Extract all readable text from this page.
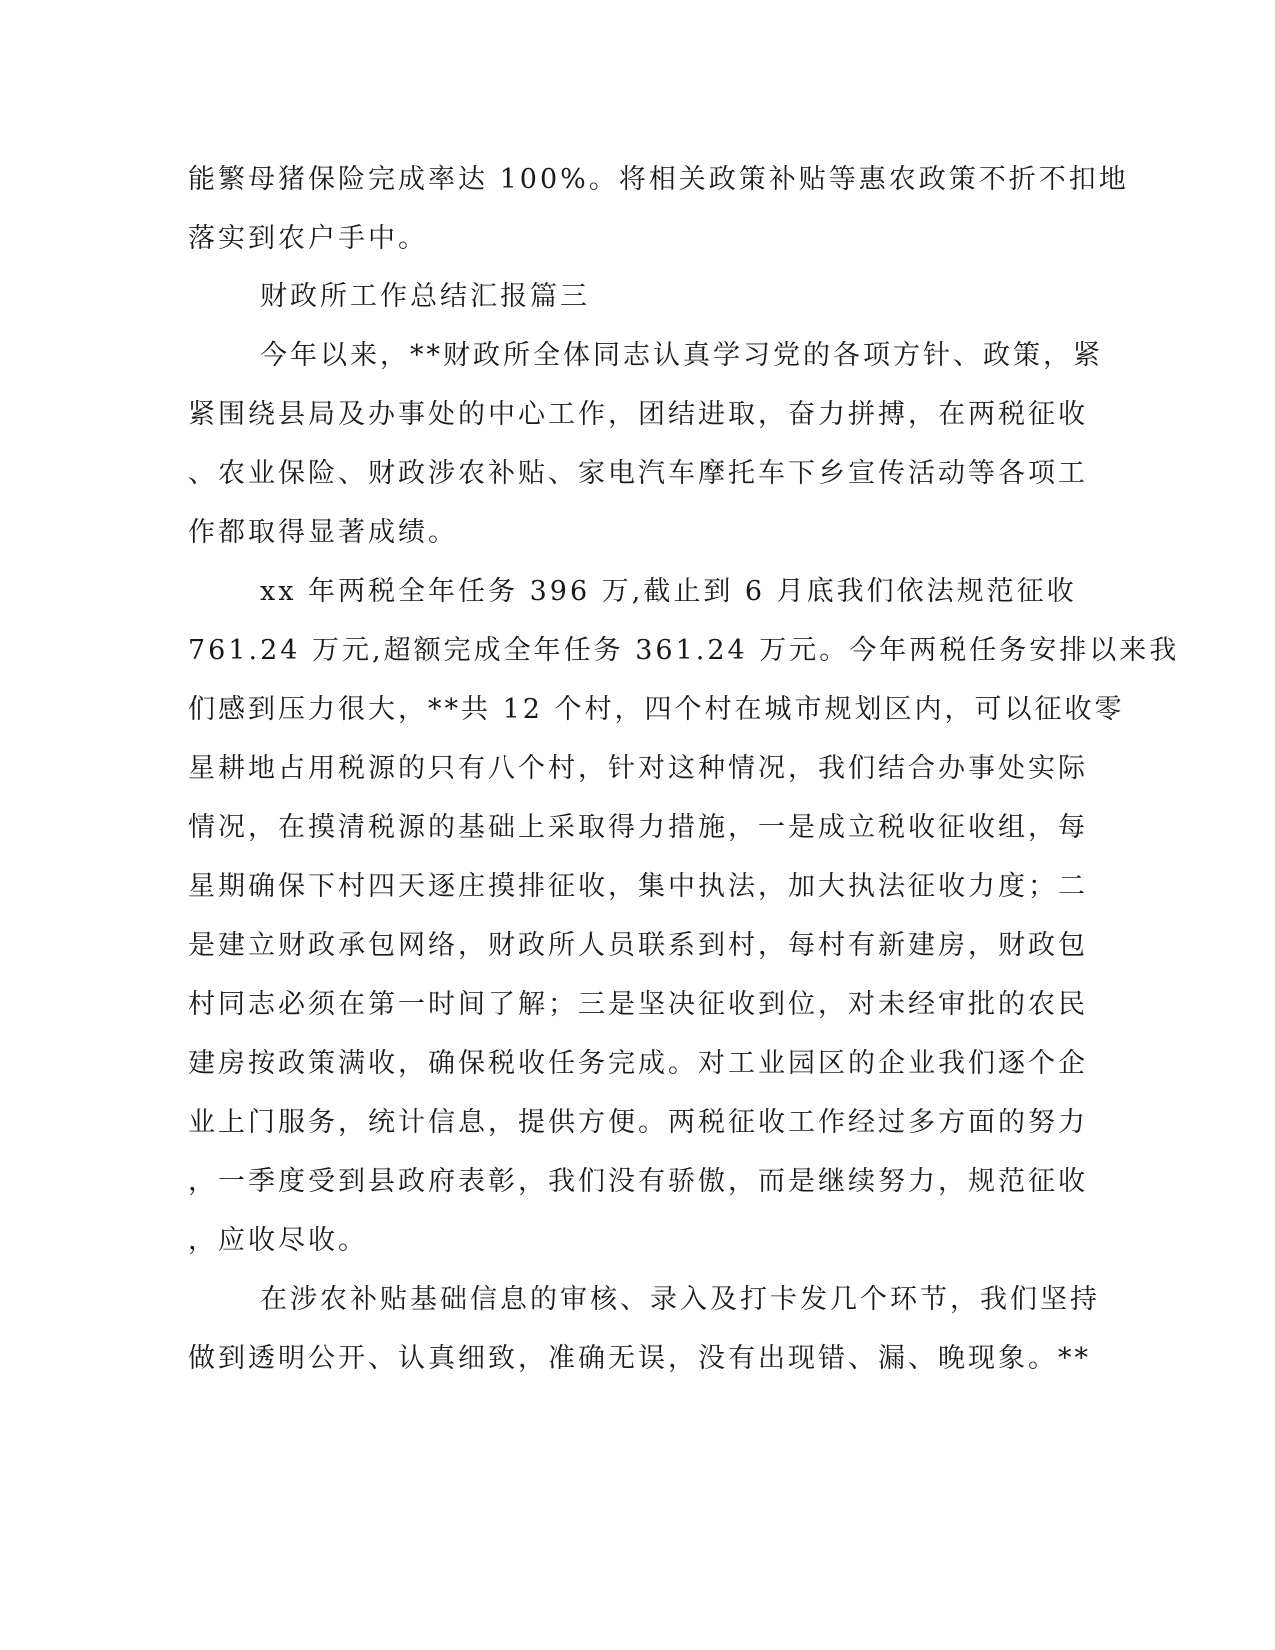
能繁母猪保险完成率达 100%。将相关政策补贴等惠农政策不折不扣地
落实到农户手中。
财政所工作总结汇报篇三
今年以来，**财政所全体同志认真学习党的各项方针、政策，紧
紧围绕县局及办事处的中心工作，团结进取，奋力拼搏，在两税征收
、农业保险、财政涉农补贴、家电汽车摩托车下乡宣传活动等各项工
作都取得显著成绩。
xx 年两税全年任务 396 万,截止到 6 月底我们依法规范征收
761.24 万元,超额完成全年任务 361.24 万元。今年两税任务安排以来我
们感到压力很大，**共 12 个村，四个村在城市规划区内，可以征收零
星耕地占用税源的只有八个村，针对这种情况，我们结合办事处实际
情况，在摸清税源的基础上采取得力措施，一是成立税收征收组，每
星期确保下村四天逐庄摸排征收，集中执法，加大执法征收力度；二
是建立财政承包网络，财政所人员联系到村，每村有新建房，财政包
村同志必须在第一时间了解；三是坚决征收到位，对未经审批的农民
建房按政策满收，确保税收任务完成。对工业园区的企业我们逐个企
业上门服务，统计信息，提供方便。两税征收工作经过多方面的努力
，一季度受到县政府表彰，我们没有骄傲，而是继续努力，规范征收
，应收尽收。
在涉农补贴基础信息的审核、录入及打卡发几个环节，我们坚持
做到透明公开、认真细致，准确无误，没有出现错、漏、晚现象。**
